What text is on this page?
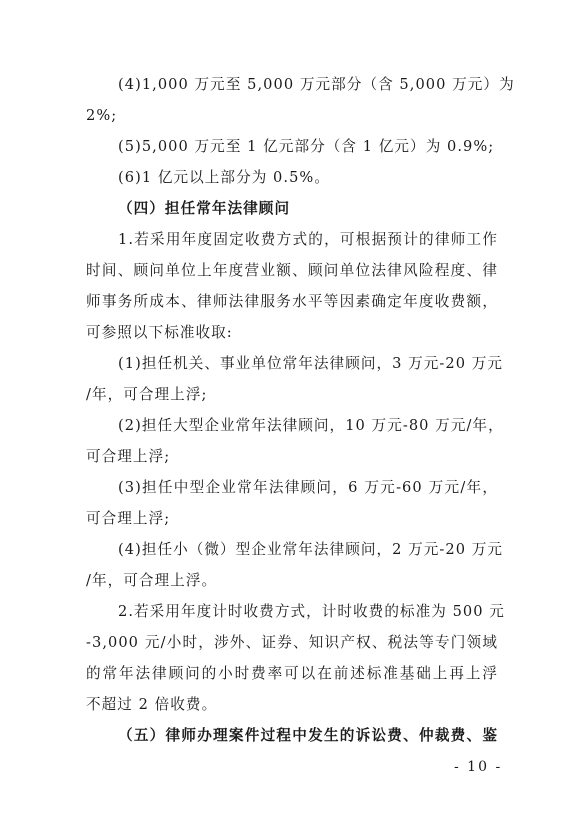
(4)1,000 万元至 5,000 万元部分（含 5,000 万元）为
2%;
(5)5,000 万元至 1 亿元部分（含 1 亿元）为 0.9%;
(6)1 亿元以上部分为 0.5%。
（四）担任常年法律顾问
1.若采用年度固定收费方式的，可根据预计的律师工作
时间、顾问单位上年度营业额、顾问单位法律风险程度、律
师事务所成本、律师法律服务水平等因素确定年度收费额，
可参照以下标准收取:
(1)担任机关、事业单位常年法律顾问，3 万元-20 万元
/年，可合理上浮;
(2)担任大型企业常年法律顾问，10 万元-80 万元/年，
可合理上浮;
(3)担任中型企业常年法律顾问，6 万元-60 万元/年，
可合理上浮;
(4)担任小（微）型企业常年法律顾问，2 万元-20 万元
/年，可合理上浮。
2.若采用年度计时收费方式，计时收费的标准为 500 元
-3,000 元/小时，涉外、证券、知识产权、税法等专门领域
的常年法律顾问的小时费率可以在前述标准基础上再上浮
不超过 2 倍收费。
（五）律师办理案件过程中发生的诉讼费、仲裁费、鉴
- 10 -
